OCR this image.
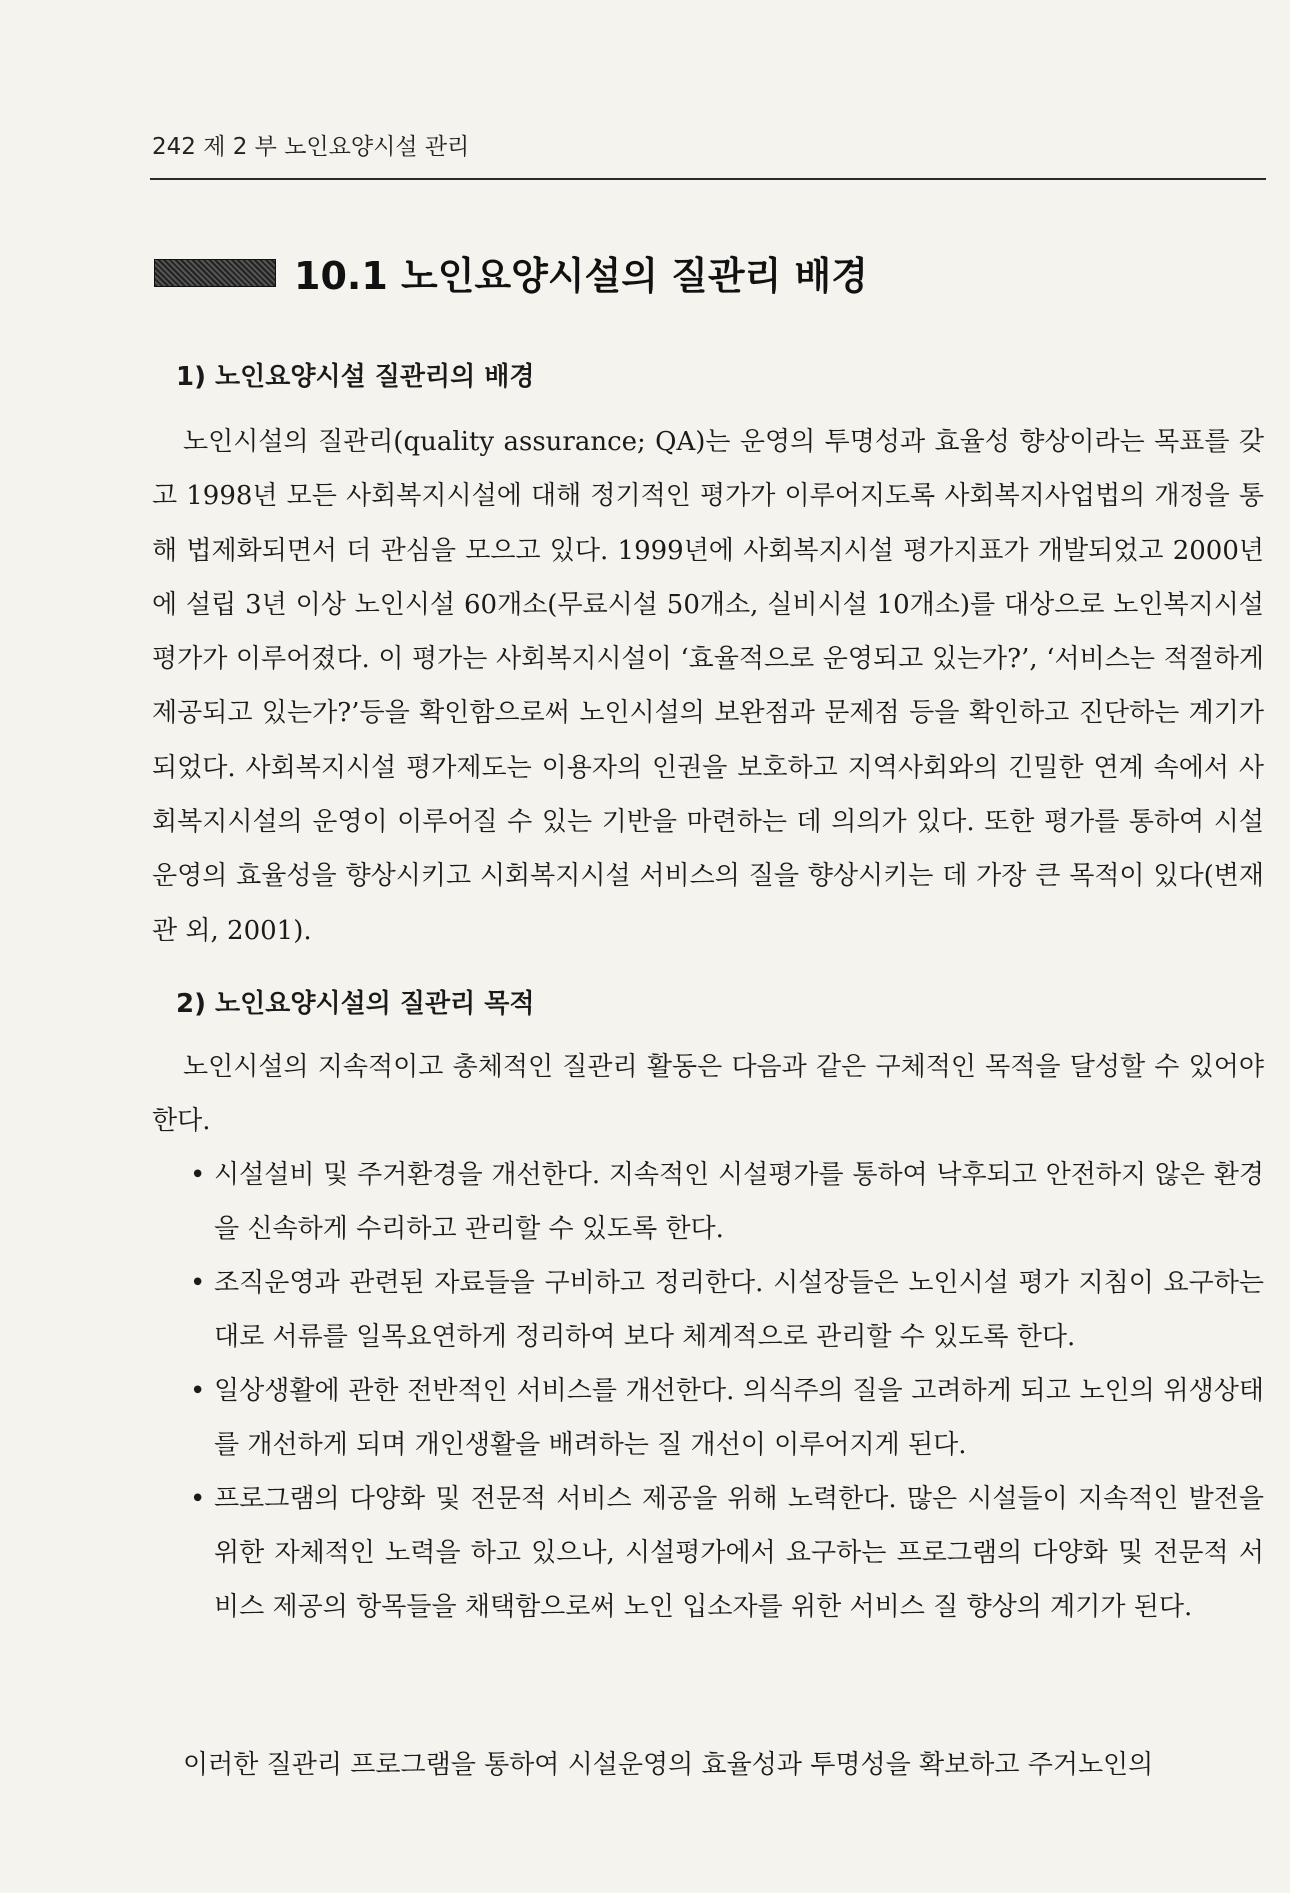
242 제 2 부 노인요양시설 관리
10.1 노인요양시설의 질관리 배경
1) 노인요양시설 질관리의 배경

노인시설의 질관리(quality assurance; QA)는 운영의 투명성과 효율성 향상이라는 목표를 갖고 1998년 모든 사회복지시설에 대해 정기적인 평가가 이루어지도록 사회복지사업법의 개정을 통해 법제화되면서 더 관심을 모으고 있다. 1999년에 사회복지시설 평가지표가 개발되었고 2000년에 설립 3년 이상 노인시설 60개소(무료시설 50개소, 실비시설 10개소)를 대상으로 노인복지시설 평가가 이루어졌다. 이 평가는 사회복지시설이 ‘효율적으로 운영되고 있는가?’, ‘서비스는 적절하게 제공되고 있는가?’등을 확인함으로써 노인시설의 보완점과 문제점 등을 확인하고 진단하는 계기가 되었다. 사회복지시설 평가제도는 이용자의 인권을 보호하고 지역사회와의 긴밀한 연계 속에서 사회복지시설의 운영이 이루어질 수 있는 기반을 마련하는 데 의의가 있다. 또한 평가를 통하여 시설운영의 효율성을 향상시키고 시회복지시설 서비스의 질을 향상시키는 데 가장 큰 목적이 있다(변재관 외, 2001).

2) 노인요양시설의 질관리 목적

노인시설의 지속적이고 총체적인 질관리 활동은 다음과 같은 구체적인 목적을 달성할 수 있어야 한다.

• 시설설비 및 주거환경을 개선한다. 지속적인 시설평가를 통하여 낙후되고 안전하지 않은 환경을 신속하게 수리하고 관리할 수 있도록 한다.
• 조직운영과 관련된 자료들을 구비하고 정리한다. 시설장들은 노인시설 평가 지침이 요구하는 대로 서류를 일목요연하게 정리하여 보다 체계적으로 관리할 수 있도록 한다.
• 일상생활에 관한 전반적인 서비스를 개선한다. 의식주의 질을 고려하게 되고 노인의 위생상태를 개선하게 되며 개인생활을 배려하는 질 개선이 이루어지게 된다.
• 프로그램의 다양화 및 전문적 서비스 제공을 위해 노력한다. 많은 시설들이 지속적인 발전을 위한 자체적인 노력을 하고 있으나, 시설평가에서 요구하는 프로그램의 다양화 및 전문적 서비스 제공의 항목들을 채택함으로써 노인 입소자를 위한 서비스 질 향상의 계기가 된다.

이러한 질관리 프로그램을 통하여 시설운영의 효율성과 투명성을 확보하고 주거노인의
